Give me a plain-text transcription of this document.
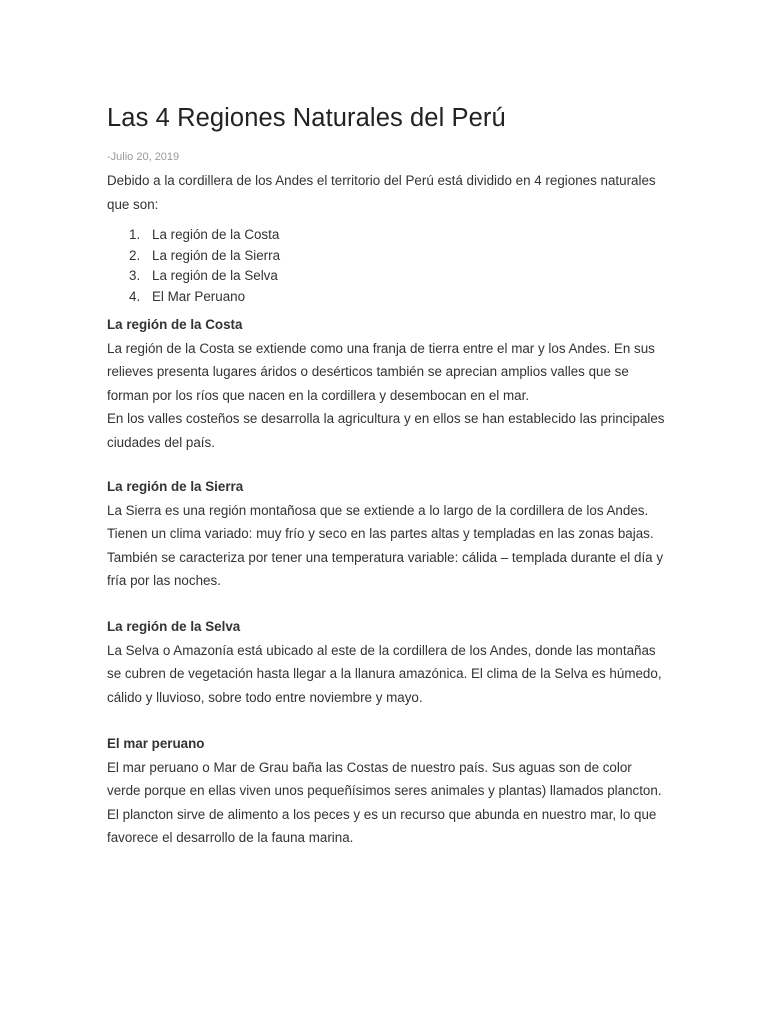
Las 4 Regiones Naturales del Perú
-Julio 20, 2019

Debido a la cordillera de los Andes el territorio del Perú está dividido en 4 regiones naturales que son:

1. La región de la Costa
2. La región de la Sierra
3. La región de la Selva
4. El Mar Peruano
La región de la Costa

La región de la Costa se extiende como una franja de tierra entre el mar y los Andes. En sus relieves presenta lugares áridos o desérticos también se aprecian amplios valles que se forman por los ríos que nacen en la cordillera y desembocan en el mar.

En los valles costeños se desarrolla la agricultura y en ellos se han establecido las principales ciudades del país.

La región de la Sierra

La Sierra es una región montañosa que se extiende a lo largo de la cordillera de los Andes. Tienen un clima variado: muy frío y seco en las partes altas y templadas en las zonas bajas. También se caracteriza por tener una temperatura variable: cálida – templada durante el día y fría por las noches.

La región de la Selva

La Selva o Amazonía está ubicado al este de la cordillera de los Andes, donde las montañas se cubren de vegetación hasta llegar a la llanura amazónica. El clima de la Selva es húmedo, cálido y lluvioso, sobre todo entre noviembre y mayo.

El mar peruano

El mar peruano o Mar de Grau baña las Costas de nuestro país. Sus aguas son de color verde porque en ellas viven unos pequeñísimos seres animales y plantas) llamados plancton. El plancton sirve de alimento a los peces y es un recurso que abunda en nuestro mar, lo que favorece el desarrollo de la fauna marina.
